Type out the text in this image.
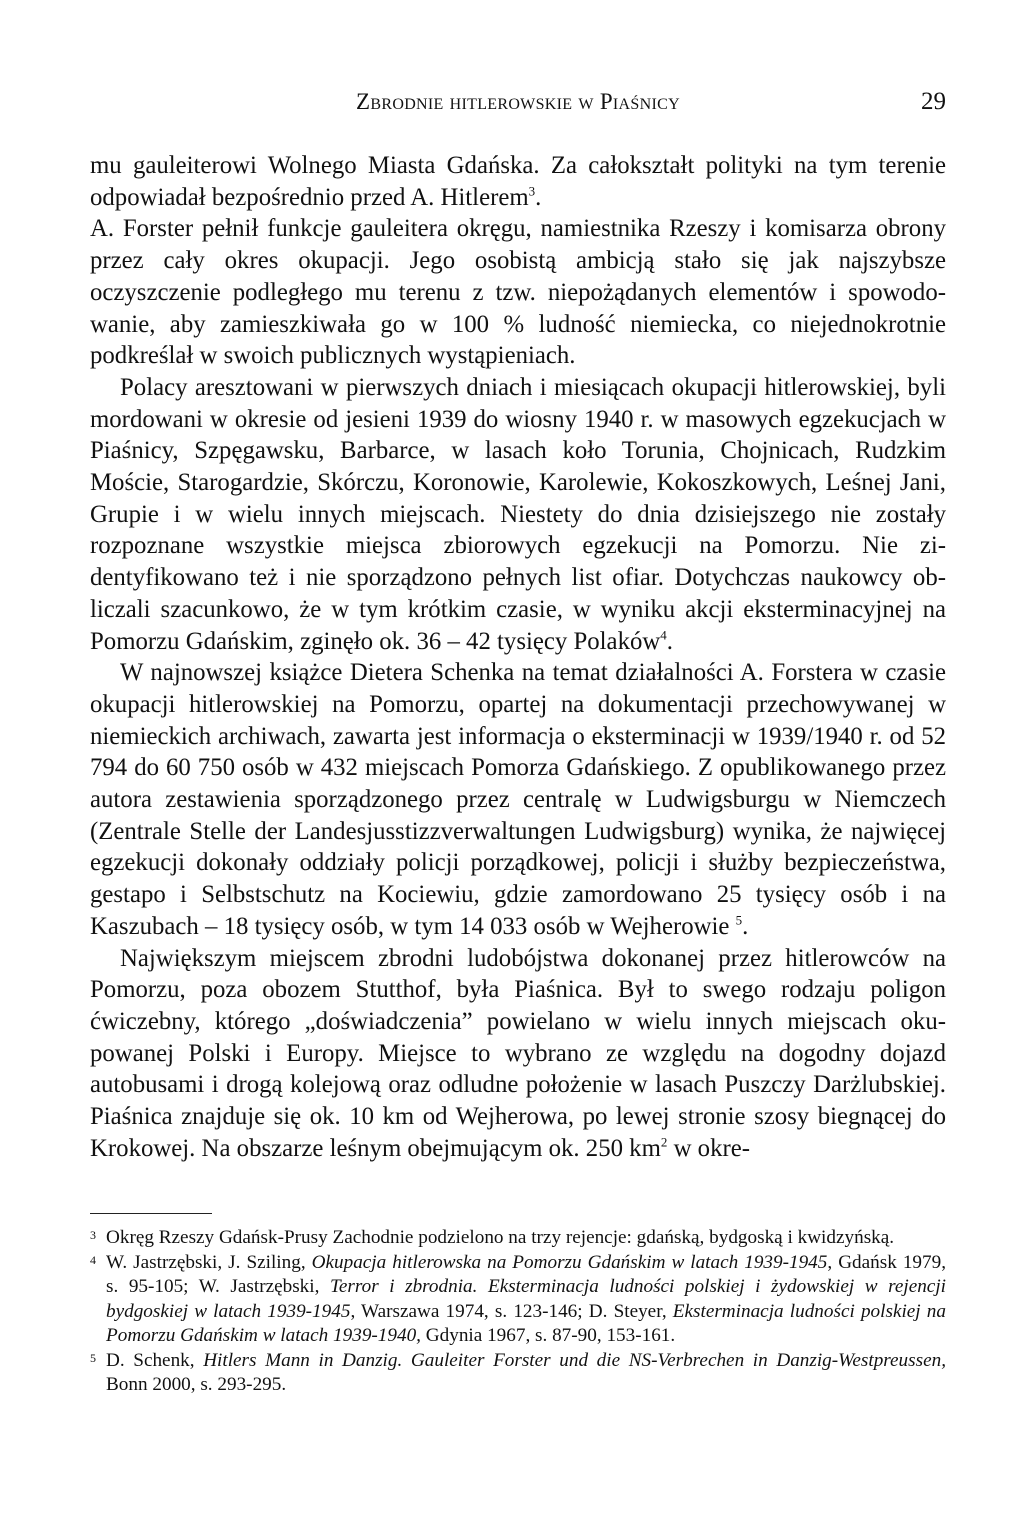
Zbrodnie hitlerowskie w Piaśnicy	29

mu gauleiterowi Wolnego Miasta Gdańska. Za całokształt polityki na tym terenie odpowiadał bezpośrednio przed A. Hitlerem$^3$.

A. Forster pełnił funkcje gauleitera okręgu, namiestnika Rzeszy i komisarza obrony przez cały okres okupacji. Jego osobistą ambicją stało się jak najszybsze oczyszczenie podległego mu terenu z tzw. niepożądanych elementów i spowodowanie, aby zamieszkiwała go w 100 % ludność niemiecka, co niejednokrotnie podkreślał w swoich publicznych wystąpieniach.

Polacy aresztowani w pierwszych dniach i miesiącach okupacji hitlerowskiej, byli mordowani w okresie od jesieni 1939 do wiosny 1940 r. w masowych egzekucjach w Piaśnicy, Szpęgawsku, Barbarce, w lasach koło Torunia, Chojnicach, Rudzkim Moście, Starogardzie, Skórczu, Koronowie, Karolewie, Kokoszkowych, Leśnej Jani, Grupie i w wielu innych miejscach. Niestety do dnia dzisiejszego nie zostały rozpoznane wszystkie miejsca zbiorowych egzekucji na Pomorzu. Nie zidentyfikowano też i nie sporządzono pełnych list ofiar. Dotychczas naukowcy obliczali szacunkowo, że w tym krótkim czasie, w wyniku akcji eksterminacyjnej na Pomorzu Gdańskim, zginęło ok. 36 – 42 tysięcy Polaków$^4$.

W najnowszej książce Dietera Schenka na temat działalności A. Forstera w czasie okupacji hitlerowskiej na Pomorzu, opartej na dokumentacji przechowywanej w niemieckich archiwach, zawarta jest informacja o eksterminacji w 1939/1940 r. od 52 794 do 60 750 osób w 432 miejscach Pomorza Gdańskiego. Z opublikowanego przez autora zestawienia sporządzonego przez centralę w Ludwigsburgu w Niemczech (Zentrale Stelle der Landesjusstizzverwaltungen Ludwigsburg) wynika, że najwięcej egzekucji dokonały oddziały policji porządkowej, policji i służby bezpieczeństwa, gestapo i Selbstschutz na Kociewiu, gdzie zamordowano 25 tysięcy osób i na Kaszubach – 18 tysięcy osób, w tym 14 033 osób w Wejherowie $^5$.

Największym miejscem zbrodni ludobójstwa dokonanej przez hitlerowców na Pomorzu, poza obozem Stutthof, była Piaśnica. Był to swego rodzaju poligon ćwiczebny, którego „doświadczenia” powielano w wielu innych miejscach okupowanej Polski i Europy. Miejsce to wybrano ze względu na dogodny dojazd autobusami i drogą kolejową oraz odludne położenie w lasach Puszczy Darżlubskiej. Piaśnica znajduje się ok. 10 km od Wejherowa, po lewej stronie szosy biegnącej do Krokowej. Na obszarze leśnym obejmującym ok. 250 $km^2$ w okre-

3 Okręg Rzeszy Gdańsk-Prusy Zachodnie podzielono na trzy rejencje: gdańską, bydgoską i kwidzyńską.

4 W. Jastrzębski, J. Sziling, Okupacja hitlerowska na Pomorzu Gdańskim w latach 1939-1945, Gdańsk 1979, s. 95-105; W. Jastrzębski, Terror i zbrodnia. Eksterminacja ludności polskiej i żydowskiej w rejencji bydgoskiej w latach 1939-1945, Warszawa 1974, s. 123-146; D. Steyer, Eksterminacja ludności polskiej na Pomorzu Gdańskim w latach 1939-1940, Gdynia 1967, s. 87-90, 153-161.

5 D. Schenk, Hitlers Mann in Danzig. Gauleiter Forster und die NS-Verbrechen in Danzig-Westpreussen, Bonn 2000, s. 293-295.
